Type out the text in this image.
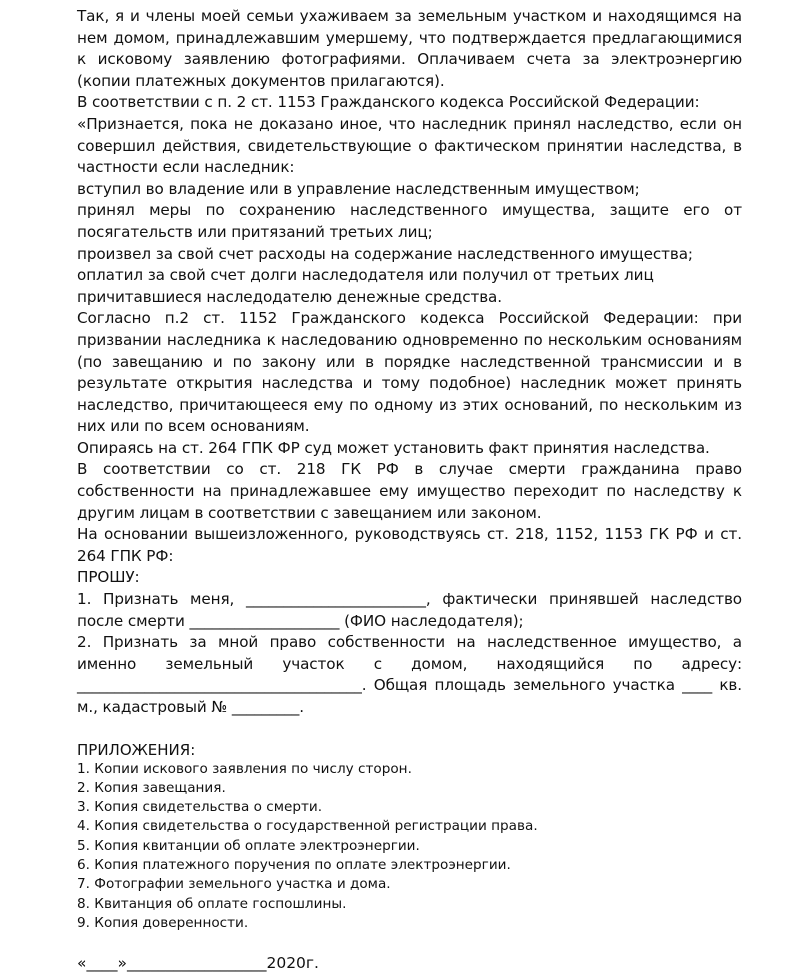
Так, я и члены моей семьи ухаживаем за земельным участком и находящимся на нем домом, принадлежавшим умершему, что подтверждается предлагающимися к исковому заявлению фотографиями. Оплачиваем счета за электроэнергию (копии платежных документов прилагаются).

В соответствии с п. 2 ст. 1153 Гражданского кодекса Российской Федерации:

«Признается, пока не доказано иное, что наследник принял наследство, если он совершил действия, свидетельствующие о фактическом принятии наследства, в частности если наследник:

вступил во владение или в управление наследственным имуществом;

принял меры по сохранению наследственного имущества, защите его от посягательств или притязаний третьих лиц;

произвел за свой счет расходы на содержание наследственного имущества;

оплатил за свой счет долги наследодателя или получил от третьих лиц причитавшиеся наследодателю денежные средства.

Согласно п.2 ст. 1152 Гражданского кодекса Российской Федерации: при призвании наследника к наследованию одновременно по нескольким основаниям (по завещанию и по закону или в порядке наследственной трансмиссии и в результате открытия наследства и тому подобное) наследник может принять наследство, причитающееся ему по одному из этих оснований, по нескольким из них или по всем основаниям.

Опираясь на ст. 264 ГПК ФР суд может установить факт принятия наследства.

В соответствии со ст. 218 ГК РФ в случае смерти гражданина право собственности на принадлежавшее ему имущество переходит по наследству к другим лицам в соответствии с завещанием или законом.

На основании вышеизложенного, руководствуясь ст. 218, 1152, 1153 ГК РФ и ст. 264 ГПК РФ:

ПРОШУ:

1. Признать меня, ________________________, фактически принявшей наследство после смерти ____________________ (ФИО наследодателя);

2. Признать за мной право собственности на наследственное имущество, а именно земельный участок с домом, находящийся по адресу: ______________________________________. Общая площадь земельного участка ____ кв. м., кадастровый № _________.

ПРИЛОЖЕНИЯ:

1. Копии искового заявления по числу сторон.
2. Копия завещания.
3. Копия свидетельства о смерти.
4. Копия свидетельства о государственной регистрации права.
5. Копия квитанции об оплате электроэнергии.
6. Копия платежного поручения по оплате электроэнергии.
7. Фотографии земельного участка и дома.
8. Квитанция об оплате госпошлины.
9. Копия доверенности.
«____»__________________2020г.
